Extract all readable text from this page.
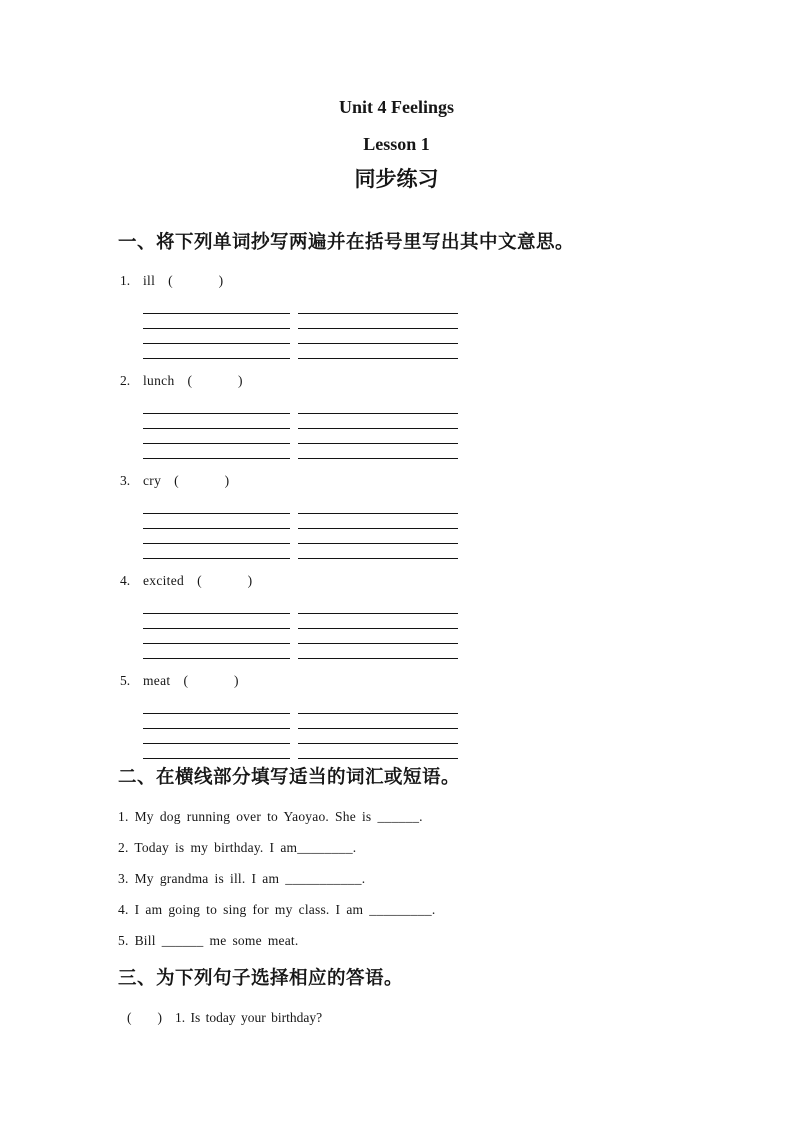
Unit 4 Feelings
Lesson 1
同步练习
一、将下列单词抄写两遍并在括号里写出其中文意思。
1. ill (	)
2. lunch (	)
3. cry (	)
4. excited (	)
5. meat (	)
二、在横线部分填写适当的词汇或短语。
1. My dog running over to Yaoyao. She is ______.
2. Today is my birthday. I am________.
3. My grandma is ill. I am ___________.
4. I am going to sing for my class. I am _________.
5. Bill ______ me some meat.
三、为下列句子选择相应的答语。
( ) 1. Is today your birthday?
